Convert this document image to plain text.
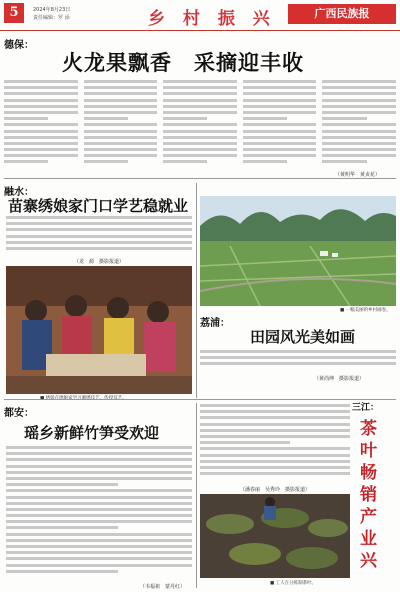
5	2024年8月23日
责任编辑：罗 添	乡 村 振 兴	广西民族报
德保：
火龙果飘香　采摘迎丰收
（黄明华　黄贞花）
融水：
苗寨绣娘家门口学艺稳就业
（龙　源　摄影报道）
■ 一幅美丽的乡村画卷。
荔浦：
田园风光美如画
（黄尚坤　摄影报道）
都安：
瑶乡新鲜竹笋受欢迎
（韦福祖　蒙丹红）
三江：
茶叶畅销产业兴
（潘春丽　吴秀玲　摄影报道）
■ 工人在分拣制茶叶。
